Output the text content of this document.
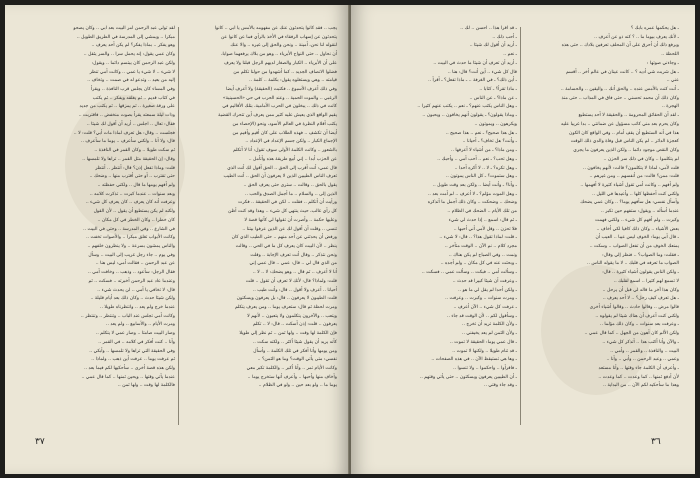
يجب .. فقد كانوا يتحدثون عنك عن مفهومه بالأمس يا أبي .. كانوا

يتحدثون عن إسهاب الرفقاء في الأخذ بالرأي فما عن كانوا عن

لنقوله لنا نحن، أمينة .. ونحن والحق إلى غيره .. والا عنك

أن نحاول .. حتى النواح الأبرياء .. وهو من بلاك يرفعهما صوابا،

على أن الأبرياء .. الكبار والصغار لديهم الرجل قبلنا ولا يعرف

فضلوا الانصاف الجديد .. كما أشهدوا من حولنا تكلم من

قيامته .. وهي ويستغلوه يقول: بكلمة .. كلمة ..

وفي ذلك أعرف الأسبوع .. فكتبت (الحقيقة) ولا أعرف أيضا

الرغبي .. والموت الحمية .. وعند الحرب في حي «الحسينية»

كانت في ذلك .. يبخلون في الحرب الأمامية، بتلك الأقاليم في

يقيم الواقع الذي يعيش عليه كثير ممن يعرف أين تتحرك القضية

يكتب أقلام النظرة في العالم الأسود، ونحو (الإحصاء من

أيضا أن تكشف .. فهذه الطلاب على كان أقيم وأقيم من

الإجماع الكبار .. ولكن جسم الإعداد في الإعداد ..

بالشعور .. وكانت الكلمة الأولى سوف تقول: أنا لا أتكلم

عن الحزب أبدا .. إني أبيع طريقة هذه وأتأمل ..

قال عمي: أنت أقرب إلى الحق .. الحق أقول لك أنت الذي

تعرف الناس الطيبين الذين لا يعرفون أن الحق .. أنت الطيب

يقول بالحق .. وقالت .. سترى حتى يعرف الحق ..

الذين إلى .. والسلام .. ما أجمل الصدق والحب ..

ورأيت أن أتكلم .. فقلت .. لكن في الحقيقة .. فكرت

كل رأي غالب، حيث ينتهي كل شيء .. وهذا وقد كنت أظن

وعليها حكمة .. وأصرت أن تقولها لي كأنها قصة لا

تنسى .. وقلت أن أقول لك عن الذين عرفوا بيتنا ..

ورفض أن يحدثني عن أحد منهم .. حتى الطيب الذي كان

ينظر .. لأن البيت كان يعرف كل ما في الحي .. وقالت

ونحن نتذكر .. وقال أنت تعرف الإجابة .. وقلت

من الذي قال لي .. قال: عمي .. قال عمي إني

أنا لا أعرف .. ثم قال .. وهو يضحك: لا .. لا ..

قلت: ولماذا؟ قال: لأنك لا تعرف أن تقول .. قلت

أحيانا .. أعرف ولا أقول .. قال: وأنت طيب ..

قلت: الطيبون لا يعرفون .. قال: بل يعرفون ويسكتون

ومرت لحظة ثم قال: ستعرف يوما .. ومن يعرف يتكلم

ويتعب .. والآخرون يتكلمون ولا يتعبون .. لأنهم لا

يعرفون .. قلت: إذن أسكت .. قال: لا .. تكلم

فإن الكلمة لها وقت .. ولها ثمن .. ثم نظر إلي طويلا

كأنه يريد أن يقول شيئا أكثر .. ولكنه سكت ..

ومن يومها وأنا أفكر في تلك الكلمة .. وأسأل

نفسي: متى يأتي الوقت؟ وما هو الثمن؟ ..

وكانت الأيام تمر .. وأنا أكبر .. والكلمة تكبر معي

وأخاف منها وأحبها .. وأعرف أنها ستخرج يوما ..

يوما ما .. ولو بعد حين .. ولو في الظلام ..

لقد تولى عبد الرحمن أمر البيت بعد أبي .. وكان يصحو

مبكرا .. ويمشي إلى المدرسة في الطريق الطويل ..

وهو يفكر .. بماذا يفكر؟ لم يكن أحد يعرف ..

وكان عمي يقول: إنه يحمل سرا .. والسر يثقل ..

ولكن عبد الرحمن كان يبتسم دائما .. ويقول:

لا شيء .. لا شيء يا عمي .. وكانت أمي تنظر

إليه من بعيد .. وتدعو له في صمت .. وتخاف ..

وفي المساء كان يجلس قرب النافذة .. ويقرأ

في كتاب قديم .. ثم يغلقه ويفكر .. ثم يكتب

على ورقة صغيرة .. ثم يمزقها .. ثم يكتب من جديد

وذات ليلة سمعته يقرأ بصوت منخفض .. فاقتربت ..

فقال: تعال .. اجلس .. أريد أن أقول لك شيئا ..

فجلست .. وقال: هل تعرف لماذا مات أبي؟ قلت: لا ..

قال: ولا أنا .. ولكني سأعرف .. يوما ما سأعرف ..

ثم سكت طويلا .. وكان القمر في النافذة ..

وقال: إن الحقيقة مثل القمر .. تراها ولا تلمسها ..

قلت: وماذا تفعل إذن؟ قال: أنتظر .. أنتظر

حتى تقترب .. أو حتى أقترب منها .. وضحك ..

ولم أفهم يومها ما قال .. ولكني حفظته ..

وبعد سنوات .. عندما كبرت .. تذكرت كلامه ..

وعرفت أنه كان يعرف .. كان يعرف كل شيء ..

ولكنه لم يكن يستطيع أن يقول .. لأن القول

كان خطرا .. وكان الخطر في كل مكان ..

في الشارع .. وفي المدرسة .. وحتى في البيت ..

وكانت الأبواب تغلق مبكرا .. والأصوات تخفت ..

والناس يمشون بسرعة .. ولا ينظرون خلفهم ..

وفي يوم .. جاء رجل غريب إلى البيت .. وسأل

عن عبد الرحمن .. فقالت أمي: ليس هنا ..

فقال الرجل: سأعود .. وذهب .. وخافت أمي ..

وعندما عاد عبد الرحمن أخبرته .. فسكت .. ثم

قال: لا تخافي يا أمي .. لن يحدث شيء ..

ولكن شيئا حدث .. وكان ذلك بعد أيام قليلة ..

عندما خرج ولم يعد .. وانتظرناه طويلا ..

وكانت أمي تجلس عند الباب .. وتنتظر .. وتنتظر ..

ومرت الأيام .. والأسابيع .. ولم يعد ..

وصار البيت صامتا .. وصار عمي لا يتكلم ..

وأنا .. كنت أفكر في كلامه .. في القمر ..

وفي الحقيقة التي تراها ولا تلمسها .. وأبكي ..

ثم عرفت يوما .. عرفت أين ذهب .. ولماذا ..

ولكن هذه قصة أخرى .. سأحكيها لكم فيما بعد ..

عندما يأتي وقتها .. ويحين ثمنها .. كما قال عمي ..

فالكلمة لها وقت .. ولها ثمن ..

٣٧

ـ هل يحكمها عمره بابك ؟

ـ لأنك يعرف بيوما ما .. ؟ كنه ذو عن أعرف ..

ويرفع ذلك أن أحرق على أن المحلف تعرفين بلادك .. حتى هذه

اللحظة ..

ـ وجاءني صوتها :

ـ هل شربت شي أديه ؟ .. كانت عينان في عالم أخر .. أقسم

عني ..

ـ أنت كنت بالأمس عنده .. والحق أنك .. واليقين .. والحسامة ..

وكان ذلك أن محمد تحسني .. حتى فاق في المذاب .. حتى منذ

الهجرة ..

ـ لقد أن الحقائق المحرومة .. والحقيقة لا أحد يستطيع

وكان يحرم بعد مني كاتب مسؤول عن ضمانتي .. بدا غريبا عليه

هذا في أنه الستطيع أن يقف أمام .. وفي الواقع كان الكون

كعجزة الدائر .. لم يكن الناس قبل وفاة والدي ذلك الوقت

وكان النقص موجود دائما .. ولكن الذين يعرفون ما يجري

لم يتكلموا .. وكان في ذلك سر الحزن ..

قلت لأمي: لماذا لا يتكلمون؟ قالت: لأنهم يخافون ..

قلت: ممن؟ قالت: من أنفسهم .. ومن غيرهم ..

ولم أفهم .. وكانت أمي تقول أشياء كثيرة لا أفهمها ..

ولكني كنت أحفظها كلها .. وأعيدها في الليل ..

وأسأل نفسي: هل سأفهم يوما؟ .. وكان عمي يضحك

عندما أسأله .. ويقول: ستفهم حين تكبر ..

وكبرت .. ولم أفهم كل شيء .. ولكني فهمت

بعض الأشياء .. وكان ذلك كافيا لكي أخاف ..

ـ قال أبي يوما: الخوف ليس عيبا .. العيب أن

يمنعك الخوف من أن تفعل الصواب .. وسكت ..

ـ فقلت: وما الصواب؟ .. فنظر إلي وقال:

الصواب ما تعرفه في قلبك .. لا ما يقوله الناس ..

ـ ولكن الناس يقولون أشياء كثيرة .. قال:

لا تسمع لهم كثيرا .. اسمع لقلبك ..

وكان هذا آخر ما قاله لي قبل أن يرحل ..

ـ هل تعرف كيف رحل؟ .. لا أحد يعرف ..

قالوا مرض .. وقالوا حادث .. وقالوا أشياء أخرى

ولكني كنت أعرف أن هناك شيئا لم يقولوه ..

ـ وعرفت بعد سنوات .. وكان ذلك مؤلما ..

ولكن الألم كان أهون من الجهل .. كما قال عمي ..

ـ والآن وأنا أكتب هذا .. أتذكر كل شيء ..

البيت .. والنافذة .. والقمر .. وأمي ..

وعمي .. وعبد الرحمن .. وأبي .. وأنا ..

ـ وأعرف أن الكلمة جاء وقتها .. وأنا مستعد

لأن أدفع ثمنها .. كما وعدت .. كما وعدت ..

وهذا ما سأحكيه لكم الآن .. من البداية ..

ـ قد أقرأ هذا .. أحسن .. لك ..

ـ أحب ذلك ..

ـ أريد أن أقول لك شيئا ..

ـ نعم ..

ـ أريد أن تعرف أن شيئا ما حدث في البيت ..

قال كل شيء .. أين أنت؟ قال: هنا ..

ـ أين ذلك؟ ـ في الغرفة .. ـ ماذا تفعل؟ ـ أقرأ ..

ـ ماذا تقرأ؟ ـ كتابا ..

ـ عن ماذا؟ ـ عن الناس ..

ـ وهل الناس يكتب عنهم؟ ـ نعم .. يكتب عنهم كثيرا ..

ـ وماذا يقولون؟ ـ يقولون أنهم يخافون .. ويحبون ..

ويكرهون .. ويموتون ..

ـ هل هذا صحيح؟ ـ نعم .. هذا صحيح ..

ـ وأنت؟ هل تخاف؟ ـ أحيانا ..

ـ ومن ماذا؟ ـ من أشياء لا أعرفها ..

ـ وهل تحب؟ ـ نعم .. أحب أمي .. وأحبك ..

ـ وهل تكره؟ ـ لا .. لا أكره أحدا ..

ـ وهل ستموت؟ ـ كل الناس يموتون ..

ـ وأنا؟ ـ وأنت أيضا .. ولكن بعد وقت طويل ..

ـ وهل الموت مؤلم؟ ـ لا أعرف .. لم أمت بعد ..

وضحك .. وضحكت .. وكان ذلك أجمل ما أتذكره

من تلك الأيام .. الضحك في الظلام ..

ـ ثم قال: اسمع .. إذا حدث لي شيء

فلا تحزن .. وقل لأمي أني أحبها ..

ـ قلت: لماذا تقول هذا؟ .. قال: لا شيء ..

مجرد كلام .. نم الآن .. الوقت متأخر ..

ونمت .. وفي الصباح لم يكن هناك ..

ـ وبحثت عنه في كل مكان .. ولم أجده ..

ـ وسألت أمي .. فبكت .. وسألت عمي .. فسكت ..

ـ وعرفت أن شيئا كبيرا قد حدث ..

ـ ولكن أحدا لم يقل لي ما هو ..

ـ ومرت سنوات .. وكبرت .. وعرفت ..

ـ عرفت كل شيء .. الآن أعرف ..

ـ وسأقول لكم .. لأن الوقت قد جاء ..

ـ ولأن الكلمة تريد أن تخرج ..

ـ ولأن الثمن لم يعد يخيفني ..

ـ قال عمي يوما: الحقيقة لا تموت ..

ـ قد تنام طويلا .. ولكنها لا تموت ..

ـ وها هي تستيقظ الآن .. في هذه الصفحات ..

ـ فاقرأوا .. واحكموا .. ولا تنسوا ..

ـ أن الطيبين يعرفون ويسكتون .. حتى يأتي وقتهم ..

ـ وقد جاء وقتي ..

٣٦
